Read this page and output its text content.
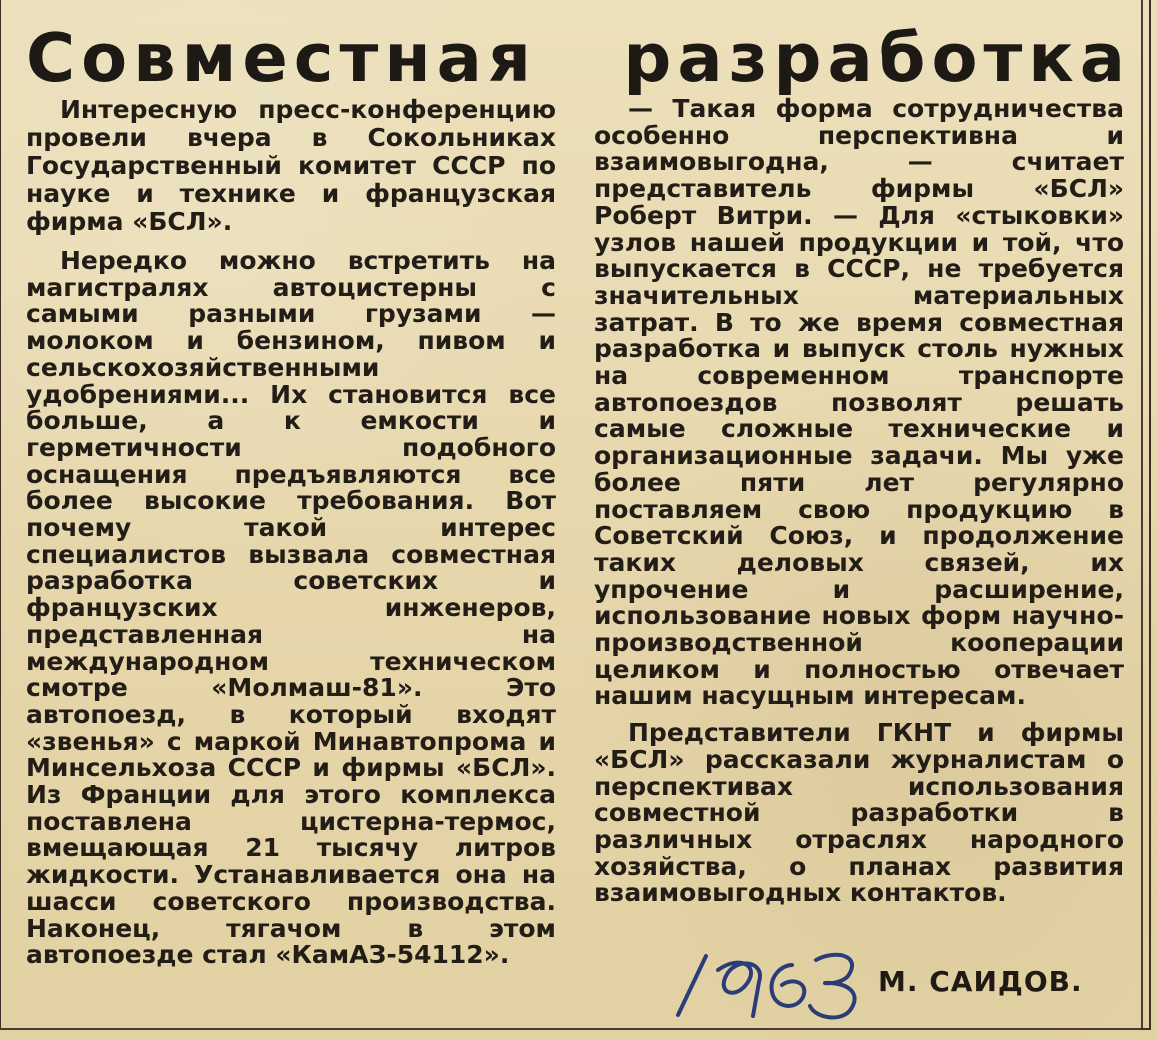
Совместная разработка

Интересную пресс-конференцию провели вчера в Сокольниках Государственный комитет СССР по науке и технике и французская фирма «БСЛ».

Нередко можно встретить на магистралях автоцистерны с самыми разными грузами — молоком и бензином, пивом и сельскохозяйственными удобрениями... Их становится все больше, а к емкости и герметичности подобного оснащения предъявляются все более высокие требования. Вот почему такой интерес специалистов вызвала совместная разработка советских и французских инженеров, представленная на международном техническом смотре «Молмаш-81». Это автопоезд, в который входят «звенья» с маркой Минавтопрома и Минсельхоза СССР и фирмы «БСЛ». Из Франции для этого комплекса поставлена цистерна-термос, вмещающая 21 тысячу литров жидкости. Устанавливается она на шасси советского производства. Наконец, тягачом в этом автопоезде стал «КамАЗ-54112».

— Такая форма сотрудничества особенно перспективна и взаимовыгодна, — считает представитель фирмы «БСЛ» Роберт Витри. — Для «стыковки» узлов нашей продукции и той, что выпускается в СССР, не требуется значительных материальных затрат. В то же время совместная разработка и выпуск столь нужных на современном транспорте автопоездов позволят решать самые сложные технические и организационные задачи. Мы уже более пяти лет регулярно поставляем свою продукцию в Советский Союз, и продолжение таких деловых связей, их упрочение и расширение, использование новых форм научно-производственной кооперации целиком и полностью отвечает нашим насущным интересам.

Представители ГКНТ и фирмы «БСЛ» рассказали журналистам о перспективах использования совместной разработки в различных отраслях народного хозяйства, о планах развития взаимовыгодных контактов.

М. САИДОВ.
